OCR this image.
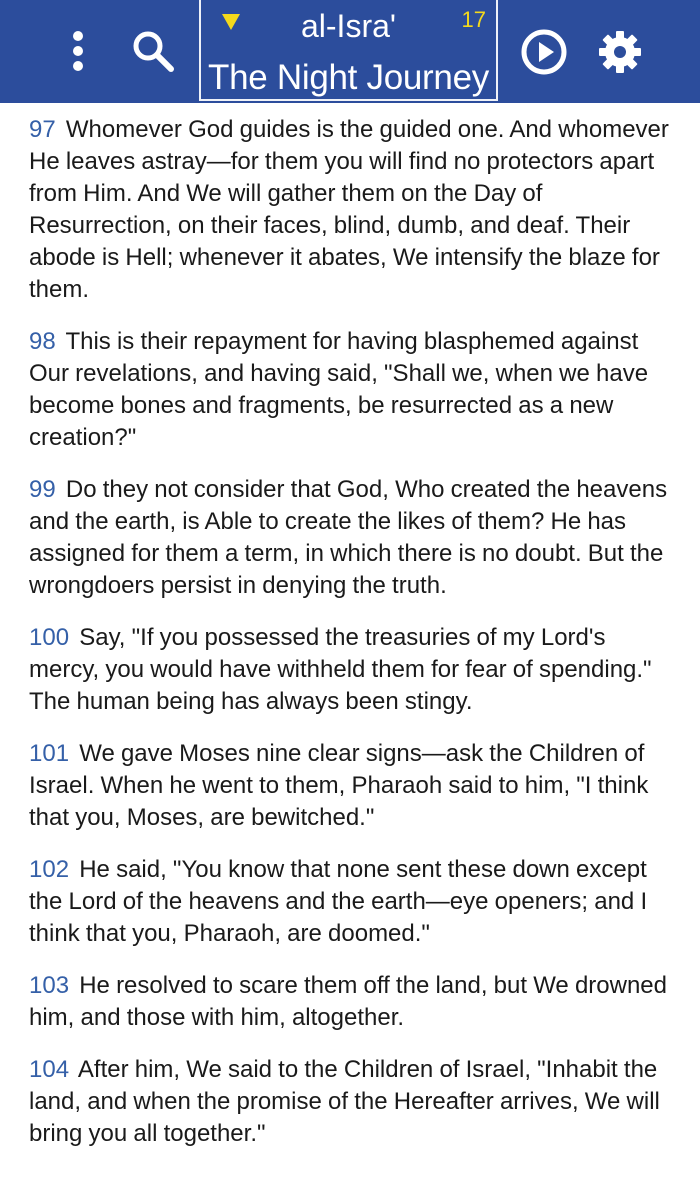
al-Isra'	17
The Night Journey

97 Whomever God guides is the guided one. And whomever He leaves astray—for them you will find no protectors apart from Him. And We will gather them on the Day of Resurrection, on their faces, blind, dumb, and deaf. Their abode is Hell; whenever it abates, We intensify the blaze for them.

98 This is their repayment for having blasphemed against Our revelations, and having said, "Shall we, when we have become bones and fragments, be resurrected as a new creation?"

99 Do they not consider that God, Who created the heavens and the earth, is Able to create the likes of them? He has assigned for them a term, in which there is no doubt. But the wrongdoers persist in denying the truth.

100 Say, "If you possessed the treasuries of my Lord's mercy, you would have withheld them for fear of spending." The human being has always been stingy.

101 We gave Moses nine clear signs—ask the Children of Israel. When he went to them, Pharaoh said to him, "I think that you, Moses, are bewitched."

102 He said, "You know that none sent these down except the Lord of the heavens and the earth—eye openers; and I think that you, Pharaoh, are doomed."

103 He resolved to scare them off the land, but We drowned him, and those with him, altogether.

104 After him, We said to the Children of Israel, "Inhabit the land, and when the promise of the Hereafter arrives, We will bring you all together."
